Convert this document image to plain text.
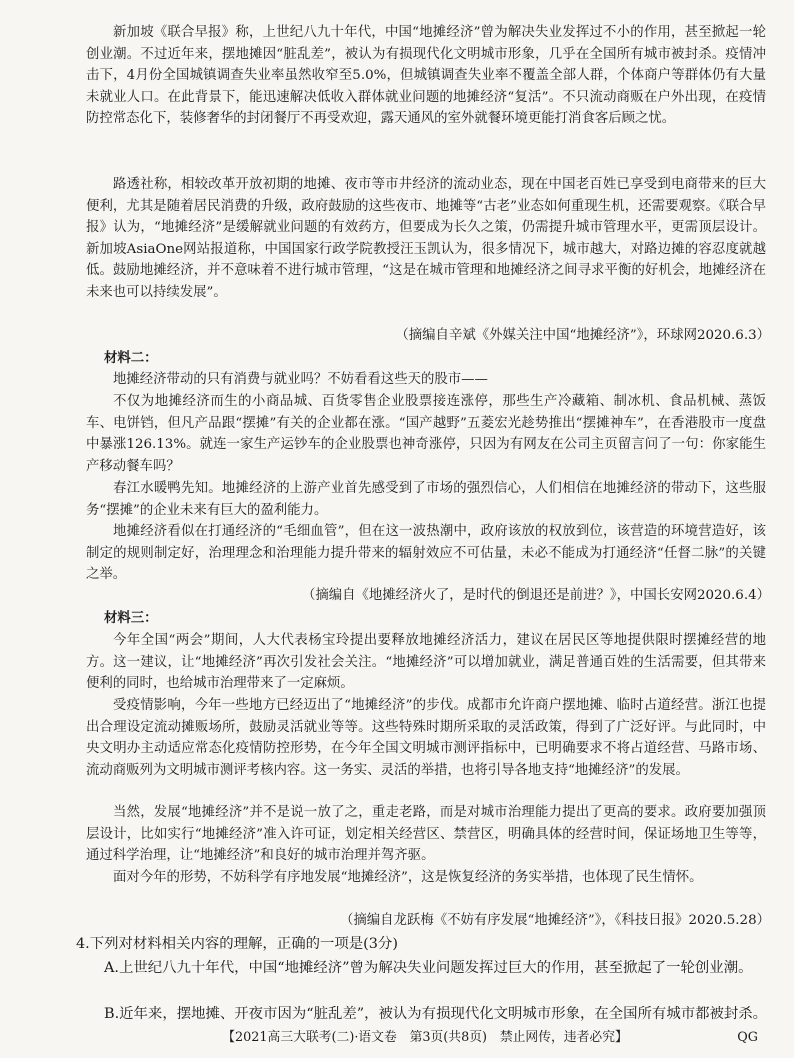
新加坡《联合早报》称，上世纪八九十年代，中国“地摊经济”曾为解决失业发挥过不小的作用，甚至掀起一轮创业潮。不过近年来，摆地摊因“脏乱差”，被认为有损现代化文明城市形象，几乎在全国所有城市被封杀。疫情冲击下，4月份全国城镇调查失业率虽然收窄至5.0%，但城镇调查失业率不覆盖全部人群，个体商户等群体仍有大量未就业人口。在此背景下，能迅速解决低收入群体就业问题的地摊经济“复活”。不只流动商贩在户外出现，在疫情防控常态化下，装修奢华的封闭餐厅不再受欢迎，露天通风的室外就餐环境更能打消食客后顾之忧。

路透社称，相较改革开放初期的地摊、夜市等市井经济的流动业态，现在中国老百姓已享受到电商带来的巨大便利，尤其是随着居民消费的升级，政府鼓励的这些夜市、地摊等“古老”业态如何重现生机，还需要观察。《联合早报》认为，“地摊经济”是缓解就业问题的有效药方，但要成为长久之策，仍需提升城市管理水平，更需顶层设计。新加坡AsiaOne网站报道称，中国国家行政学院教授汪玉凯认为，很多情况下，城市越大，对路边摊的容忍度就越低。鼓励地摊经济，并不意味着不进行城市管理，“这是在城市管理和地摊经济之间寻求平衡的好机会，地摊经济在未来也可以持续发展”。

（摘编自辛斌《外媒关注中国“地摊经济”》，环球网2020.6.3）

材料二：

地摊经济带动的只有消费与就业吗？不妨看看这些天的股市——

不仅为地摊经济而生的小商品城、百货零售企业股票接连涨停，那些生产冷藏箱、制冰机、食品机械、蒸饭车、电饼铛，但凡产品跟“摆摊”有关的企业都在涨。“国产越野”五菱宏光趁势推出“摆摊神车”，在香港股市一度盘中暴涨126.13%。就连一家生产运钞车的企业股票也神奇涨停，只因为有网友在公司主页留言问了一句：你家能生产移动餐车吗？

春江水暖鸭先知。地摊经济的上游产业首先感受到了市场的强烈信心，人们相信在地摊经济的带动下，这些服务“摆摊”的企业未来有巨大的盈利能力。

地摊经济看似在打通经济的“毛细血管”，但在这一波热潮中，政府该放的权放到位，该营造的环境营造好，该制定的规则制定好，治理理念和治理能力提升带来的辐射效应不可估量，未必不能成为打通经济“任督二脉”的关键之举。

（摘编自《地摊经济火了，是时代的倒退还是前进？》，中国长安网2020.6.4）

材料三：

今年全国“两会”期间，人大代表杨宝玲提出要释放地摊经济活力，建议在居民区等地提供限时摆摊经营的地方。这一建议，让“地摊经济”再次引发社会关注。“地摊经济”可以增加就业，满足普通百姓的生活需要，但其带来便利的同时，也给城市治理带来了一定麻烦。

受疫情影响，今年一些地方已经迈出了“地摊经济”的步伐。成都市允许商户摆地摊、临时占道经营。浙江也提出合理设定流动摊贩场所，鼓励灵活就业等等。这些特殊时期所采取的灵活政策，得到了广泛好评。与此同时，中央文明办主动适应常态化疫情防控形势，在今年全国文明城市测评指标中，已明确要求不将占道经营、马路市场、流动商贩列为文明城市测评考核内容。这一务实、灵活的举措，也将引导各地支持“地摊经济”的发展。

当然，发展“地摊经济”并不是说一放了之，重走老路，而是对城市治理能力提出了更高的要求。政府要加强顶层设计，比如实行“地摊经济”准入许可证，划定相关经营区、禁营区，明确具体的经营时间，保证场地卫生等等，通过科学治理，让“地摊经济”和良好的城市治理并驾齐驱。

面对今年的形势，不妨科学有序地发展“地摊经济”，这是恢复经济的务实举措，也体现了民生情怀。

（摘编自龙跃梅《不妨有序发展“地摊经济”》，《科技日报》2020.5.28）

4.下列对材料相关内容的理解，正确的一项是(3分)

A.上世纪八九十年代，中国“地摊经济”曾为解决失业问题发挥过巨大的作用，甚至掀起了一轮创业潮。

B.近年来，摆地摊、开夜市因为“脏乱差”，被认为有损现代化文明城市形象，在全国所有城市都被封杀。

【2021高三大联考(二)·语文卷　第3页(共8页)　禁止网传，违者必究】	QG
